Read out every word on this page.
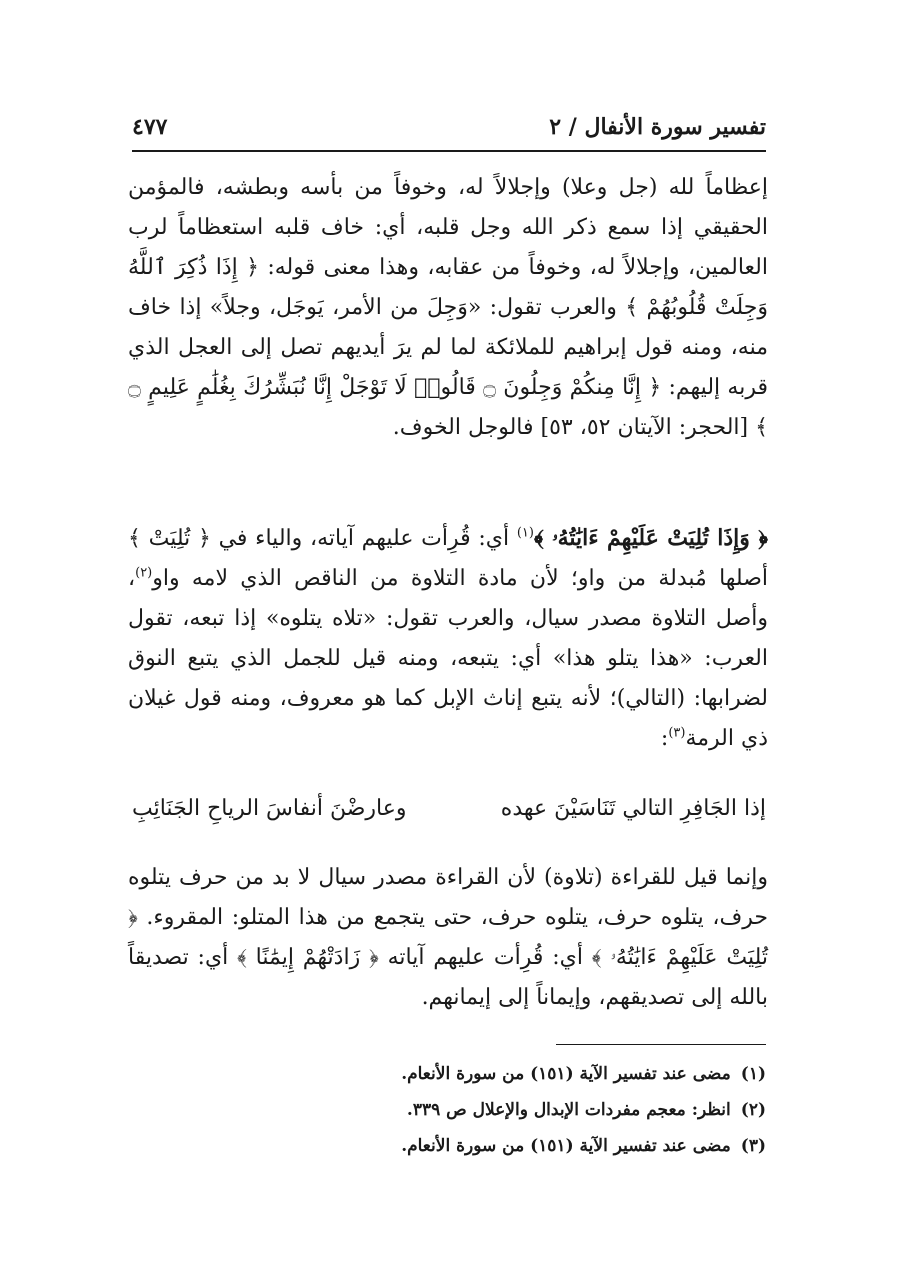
٤٧٧	تفسير سورة الأنفال / ٢

إعظاماً لله (جل وعلا) وإجلالاً له، وخوفاً من بأسه وبطشه، فالمؤمن الحقيقي إذا سمع ذكر الله وجل قلبه، أي: خاف قلبه استعظاماً لرب العالمين، وإجلالاً له، وخوفاً من عقابه، وهذا معنى قوله: ﴿ إِذَا ذُكِرَ ٱللَّهُ وَجِلَتْ قُلُوبُهُمْ ﴾ والعرب تقول: «وَجِلَ من الأمر، يَوجَل، وجلاً» إذا خاف منه، ومنه قول إبراهيم للملائكة لما لم يرَ أيديهم تصل إلى العجل الذي قربه إليهم: ﴿ إِنَّا مِنكُمْ وَجِلُونَ ۝ قَالُوا۟ لَا تَوْجَلْ إِنَّا نُبَشِّرُكَ بِغُلَٰمٍ عَلِيمٍ ۝ ﴾ [الحجر: الآيتان ٥٢، ٥٣] فالوجل الخوف.

﴿ وَإِذَا تُلِيَتْ عَلَيْهِمْ ءَايَٰتُهُۥ ﴾$^{(١)}$ أي: قُرِأت عليهم آياته، والياء في ﴿ تُلِيَتْ ﴾ أصلها مُبدلة من واو؛ لأن مادة التلاوة من الناقص الذي لامه واو$^{(٢)}$، وأصل التلاوة مصدر سيال، والعرب تقول: «تلاه يتلوه» إذا تبعه، تقول العرب: «هذا يتلو هذا» أي: يتبعه، ومنه قيل للجمل الذي يتبع النوق لضرابها: (التالي)؛ لأنه يتبع إناث الإبل كما هو معروف، ومنه قول غيلان ذي الرمة$^{(٣)}$:

إذا الجَافِرِ التالي تَنَاسَيْنَ عهده
وعارضْنَ أنفاسَ الرياحِ الجَنَائِبِ

وإنما قيل للقراءة (تلاوة) لأن القراءة مصدر سيال لا بد من حرف يتلوه حرف، يتلوه حرف، يتلوه حرف، حتى يتجمع من هذا المتلو: المقروء. ﴿ تُلِيَتْ عَلَيْهِمْ ءَايَٰتُهُۥ ﴾ أي: قُرِأت عليهم آياته ﴿ زَادَتْهُمْ إِيمَٰنًا ﴾ أي: تصديقاً بالله إلى تصديقهم، وإيماناً إلى إيمانهم.

(١)مضى عند تفسير الآية (١٥١) من سورة الأنعام.
(٢)انظر: معجم مفردات الإبدال والإعلال ص ٣٣٩.
(٣)مضى عند تفسير الآية (١٥١) من سورة الأنعام.
